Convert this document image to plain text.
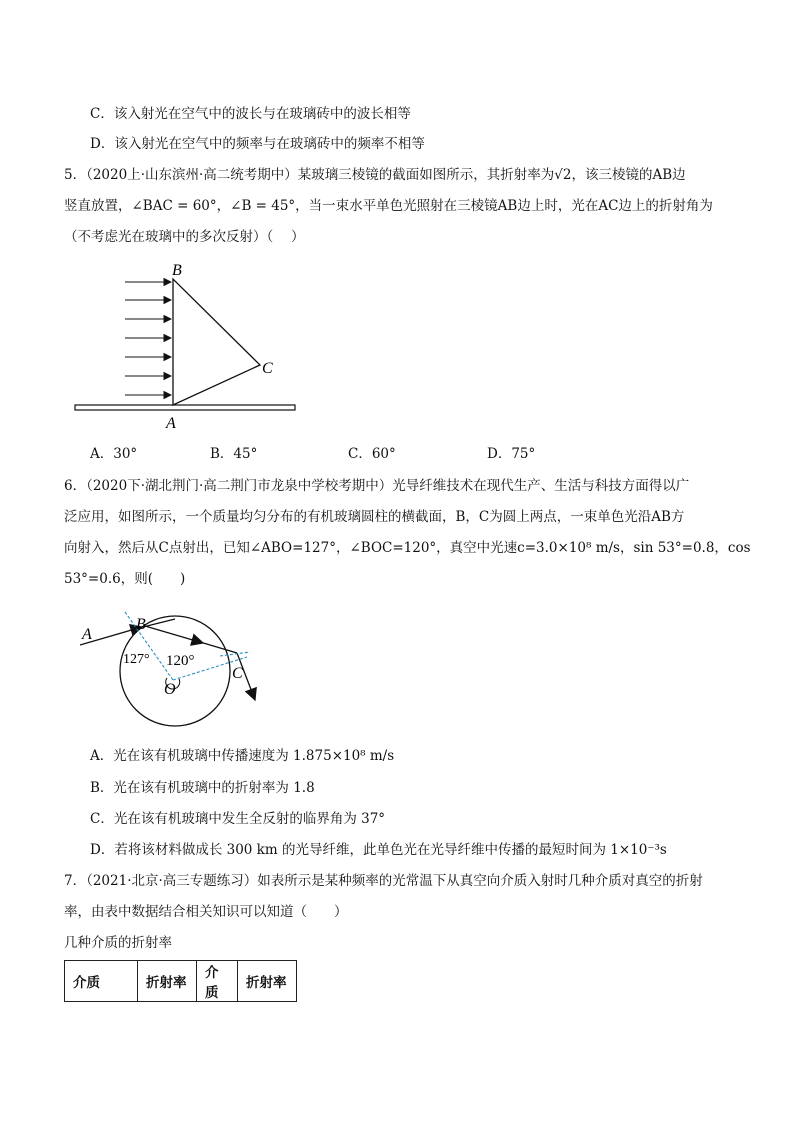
C．该入射光在空气中的波长与在玻璃砖中的波长相等
D．该入射光在空气中的频率与在玻璃砖中的频率不相等
5．（2020上·山东滨州·高二统考期中）某玻璃三棱镜的截面如图所示，其折射率为√2，该三棱镜的AB边
竖直放置，∠BAC = 60°，∠B = 45°，当一束水平单色光照射在三棱镜AB边上时，光在AC边上的折射角为
（不考虑光在玻璃中的多次反射）（　 ）
B
C
A
A．30°	B．45°	C．60°	D．75°
6．（2020下·湖北荆门·高二荆门市龙泉中学校考期中）光导纤维技术在现代生产、生活与科技方面得以广
泛应用，如图所示，一个质量均匀分布的有机玻璃圆柱的横截面，B，C为圆上两点，一束单色光沿AB方
向射入，然后从C点射出，已知∠ABO=127°，∠BOC=120°，真空中光速c=3.0×10⁸ m/s，sin 53°=0.8，cos
53°=0.6，则(　　)
A
B
C
O
127° 120°
A．光在该有机玻璃中传播速度为 1.875×10⁸ m/s
B．光在该有机玻璃中的折射率为 1.8
C．光在该有机玻璃中发生全反射的临界角为 37°
D．若将该材料做成长 300 km 的光导纤维，此单色光在光导纤维中传播的最短时间为 1×10⁻³s
7．（2021·北京·高三专题练习）如表所示是某种频率的光常温下从真空向介质入射时几种介质对真空的折射
率，由表中数据结合相关知识可以知道（　　）
几种介质的折射率
介质	折射率	介质	折射率
